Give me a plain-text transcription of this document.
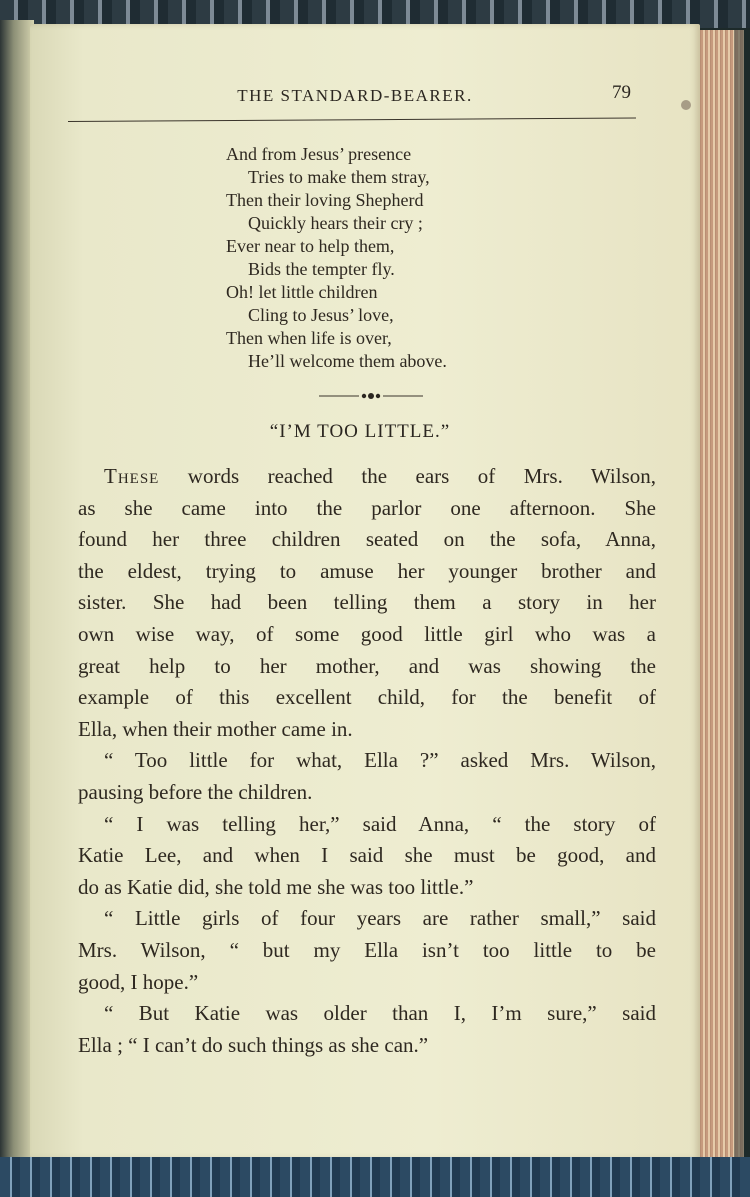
THE STANDARD-BEARER.	79
And from Jesus’ presence
Tries to make them stray,
Then their loving Shepherd
Quickly hears their cry ;
Ever near to help them,
Bids the tempter fly.
Oh! let little children
Cling to Jesus’ love,
Then when life is over,
He’ll welcome them above.
“I’M TOO LITTLE.”
These words reached the ears of Mrs. Wilson,
as she came into the parlor one afternoon. She
found her three children seated on the sofa, Anna,
the eldest, trying to amuse her younger brother and
sister. She had been telling them a story in her
own wise way, of some good little girl who was a
great help to her mother, and was showing the
example of this excellent child, for the benefit of
Ella, when their mother came in.
“ Too little for what, Ella ?” asked Mrs. Wilson,
pausing before the children.
“ I was telling her,” said Anna, “ the story of
Katie Lee, and when I said she must be good, and
do as Katie did, she told me she was too little.”
“ Little girls of four years are rather small,” said
Mrs. Wilson, “ but my Ella isn’t too little to be
good, I hope.”
“ But Katie was older than I, I’m sure,” said
Ella ; “ I can’t do such things as she can.”
